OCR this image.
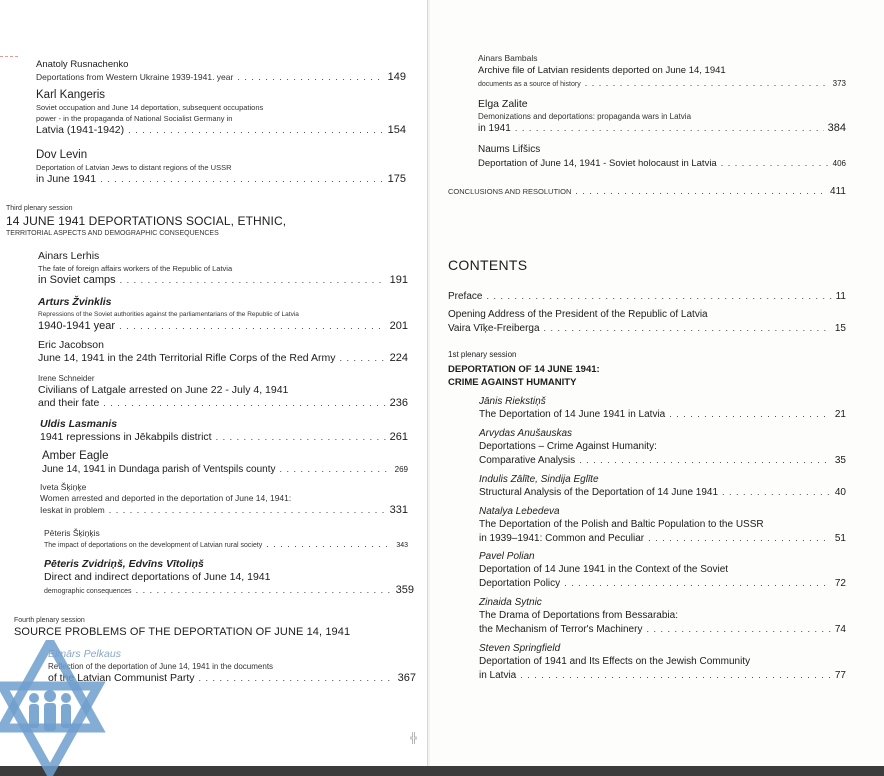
Anatoly Rusnachenko
Deportations from Western Ukraine 1939-1941. year . . .	149
Karl Kangeris
Soviet occupation and June 14 deportation, subsequent occupations
power - in the propaganda of National Socialist Germany in
Latvia (1941-1942) . . .	154
Dov Levin
Deportation of Latvian Jews to distant regions of the USSR
in June 1941 . . .	175
Third plenary session
14 JUNE 1941 DEPORTATIONS SOCIAL, ETHNIC,
TERRITORIAL ASPECTS AND DEMOGRAPHIC CONSEQUENCES
Ainars Lerhis
The fate of foreign affairs workers of the Republic of Latvia
in Soviet camps . . .	191
Arturs Žvinklis
Repressions of the Soviet authorities against the parliamentarians of the Republic of Latvia
1940-1941 year . . .	201
Eric Jacobson
June 14, 1941 in the 24th Territorial Rifle Corps of the Red Army . . .	224
Irene Schneider
Civilians of Latgale arrested on June 22 - July 4, 1941
and their fate . . .	236
Uldis Lasmanis
1941 repressions in Jēkabpils district . . .	261
Amber Eagle
June 14, 1941 in Dundaga parish of Ventspils county . . .	269
Iveta Šķiņķe
Women arrested and deported in the deportation of June 14, 1941:
Ieskat in problem . . .	331
Pēteris Šķiņķis
The impact of deportations on the development of Latvian rural society . . .	343
Pēteris Zvidriņš, Edvīns Vītoliņš
Direct and indirect deportations of June 14, 1941
demographic consequences . . .	359
Fourth plenary session
SOURCE PROBLEMS OF THE DEPORTATION OF JUNE 14, 1941
Elmārs Pelkaus
Reflection of the deportation of June 14, 1941 in the documents
of the Latvian Communist Party . . .	367
╬
Ainars Bambals
Archive file of Latvian residents deported on June 14, 1941
documents as a source of history . . .	373
Elga Zalite
Demonizations and deportations: propaganda wars in Latvia
in 1941 . . .	384
Naums Lifšics
Deportation of June 14, 1941 - Soviet holocaust in Latvia . . .	406
CONCLUSIONS AND RESOLUTION . . .	411
CONTENTS
Preface . . .	11
Opening Address of the President of the Republic of Latvia
Vaira Vīķe-Freiberga . . .	15
1st plenary session
DEPORTATION OF 14 JUNE 1941:
CRIME AGAINST HUMANITY
Jānis Riekstiņš
The Deportation of 14 June 1941 in Latvia . . .	21
Arvydas Anušauskas
Deportations – Crime Against Humanity:
Comparative Analysis . . .	35
Indulis Zālīte, Sindija Eglīte
Structural Analysis of the Deportation of 14 June 1941 . . .	40
Natalya Lebedeva
The Deportation of the Polish and Baltic Population to the USSR
in 1939–1941: Common and Peculiar . . .	51
Pavel Polian
Deportation of 14 June 1941 in the Context of the Soviet
Deportation Policy . . .	72
Zinaida Sytnic
The Drama of Deportations from Bessarabia:
the Mechanism of Terror's Machinery . . .	74
Steven Springfield
Deportation of 1941 and Its Effects on the Jewish Community
in Latvia . . .	77
